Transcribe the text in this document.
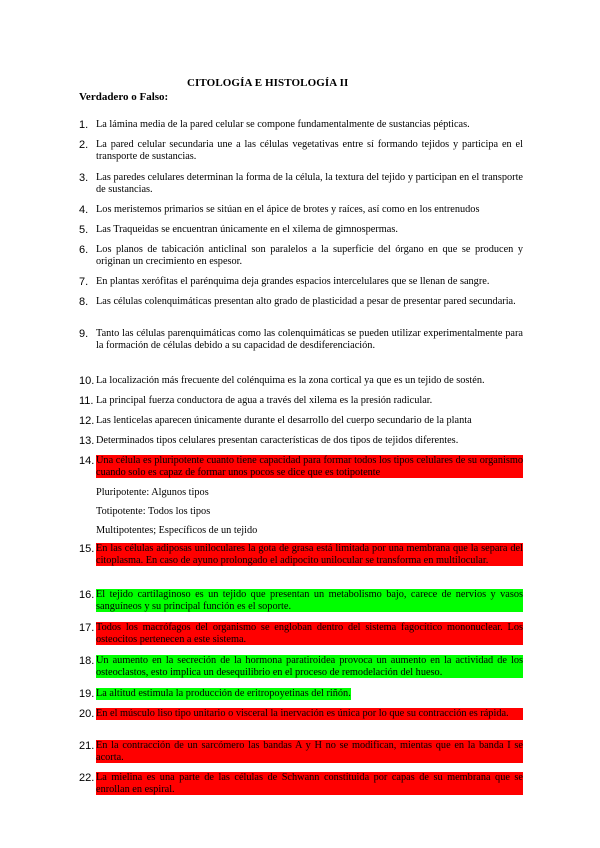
CITOLOGÍA E HISTOLOGÍA II
Verdadero o Falso:
1. La lámina media de la pared celular se compone fundamentalmente de sustancias pépticas.
2. La pared celular secundaria une a las células vegetativas entre sí formando tejidos y participa en el transporte de sustancias.
3. Las paredes celulares determinan la forma de la célula, la textura del tejido y participan en el transporte de sustancias.
4. Los meristemos primarios se sitúan en el ápice de brotes y raíces, así como en los entrenudos
5. Las Traqueidas se encuentran únicamente en el xilema de gimnospermas.
6. Los planos de tabicación anticlinal son paralelos a la superficie del órgano en que se producen y originan un crecimiento en espesor.
7. En plantas xerófitas el parénquima deja grandes espacios intercelulares que se llenan de sangre.
8. Las células colenquimáticas presentan alto grado de plasticidad a pesar de presentar pared secundaria.
9. Tanto las células parenquimáticas como las colenquimáticas se pueden utilizar experimentalmente para la formación de células debido a su capacidad de desdiferenciación.
10. La localización más frecuente del colénquima es la zona cortical ya que es un tejido de sostén.
11. La principal fuerza conductora de agua a través del xilema es la presión radicular.
12. Las lenticelas aparecen únicamente durante el desarrollo del cuerpo secundario de la planta
13. Determinados tipos celulares presentan características de dos tipos de tejidos diferentes.
14. Una célula es pluripotente cuanto tiene capacidad para formar todos los tipos celulares de su organismo cuando solo es capaz de formar unos pocos se dice que es totipotente
Pluripotente: Algunos tipos
Totipotente: Todos los tipos
Multipotentes; Específicos de un tejido
15. En las células adiposas uniloculares la gota de grasa está limitada por una membrana que la separa del citoplasma. En caso de ayuno prolongado el adipocito unilocular se transforma en multilocular.
16. El tejido cartilaginoso es un tejido que presentan un metabolismo bajo, carece de nervios y vasos sanguíneos y su principal función es el soporte.
17. Todos los macrófagos del organismo se engloban dentro del sistema fagocítico mononuclear. Los osteocitos pertenecen a este sistema.
18. Un aumento en la secreción de la hormona paratiroidea provoca un aumento en la actividad de los osteoclastos, esto implica un desequilibrio en el proceso de remodelación del hueso.
19. La altitud estimula la producción de eritropoyetinas del riñón.
20. En el músculo liso tipo unitario o visceral la inervación es única por lo que su contracción es rápida.
21. En la contracción de un sarcómero las bandas A y H no se modifican, mientas que en la banda I se acorta.
22. La mielina es una parte de las células de Schwann constituida por capas de su membrana que se enrollan en espiral.
